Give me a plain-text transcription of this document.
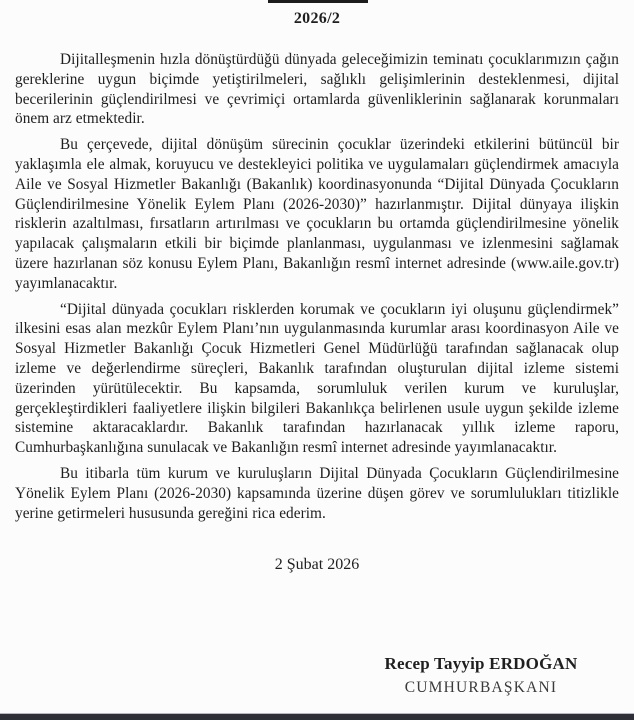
2026/2

Dijitalleşmenin hızla dönüştürdüğü dünyada geleceğimizin teminatı çocuklarımızın çağın gereklerine uygun biçimde yetiştirilmeleri, sağlıklı gelişimlerinin desteklenmesi, dijital becerilerinin güçlendirilmesi ve çevrimiçi ortamlarda güvenliklerinin sağlanarak korunmaları önem arz etmektedir.

Bu çerçevede, dijital dönüşüm sürecinin çocuklar üzerindeki etkilerini bütüncül bir yaklaşımla ele almak, koruyucu ve destekleyici politika ve uygulamaları güçlendirmek amacıyla Aile ve Sosyal Hizmetler Bakanlığı (Bakanlık) koordinasyonunda “Dijital Dünyada Çocukların Güçlendirilmesine Yönelik Eylem Planı (2026-2030)” hazırlanmıştır. Dijital dünyaya ilişkin risklerin azaltılması, fırsatların artırılması ve çocukların bu ortamda güçlendirilmesine yönelik yapılacak çalışmaların etkili bir biçimde planlanması, uygulanması ve izlenmesini sağlamak üzere hazırlanan söz konusu Eylem Planı, Bakanlığın resmî internet adresinde (www.aile.gov.tr) yayımlanacaktır.

“Dijital dünyada çocukları risklerden korumak ve çocukların iyi oluşunu güçlendirmek” ilkesini esas alan mezkûr Eylem Planı’nın uygulanmasında kurumlar arası koordinasyon Aile ve Sosyal Hizmetler Bakanlığı Çocuk Hizmetleri Genel Müdürlüğü tarafından sağlanacak olup izleme ve değerlendirme süreçleri, Bakanlık tarafından oluşturulan dijital izleme sistemi üzerinden yürütülecektir. Bu kapsamda, sorumluluk verilen kurum ve kuruluşlar, gerçekleştirdikleri faaliyetlere ilişkin bilgileri Bakanlıkça belirlenen usule uygun şekilde izleme sistemine aktaracaklardır. Bakanlık tarafından hazırlanacak yıllık izleme raporu, Cumhurbaşkanlığına sunulacak ve Bakanlığın resmî internet adresinde yayımlanacaktır.

Bu itibarla tüm kurum ve kuruluşların Dijital Dünyada Çocukların Güçlendirilmesine Yönelik Eylem Planı (2026-2030) kapsamında üzerine düşen görev ve sorumlulukları titizlikle yerine getirmeleri hususunda gereğini rica ederim.

2 Şubat 2026
Recep Tayyip ERDOĞAN
CUMHURBAŞKANI
